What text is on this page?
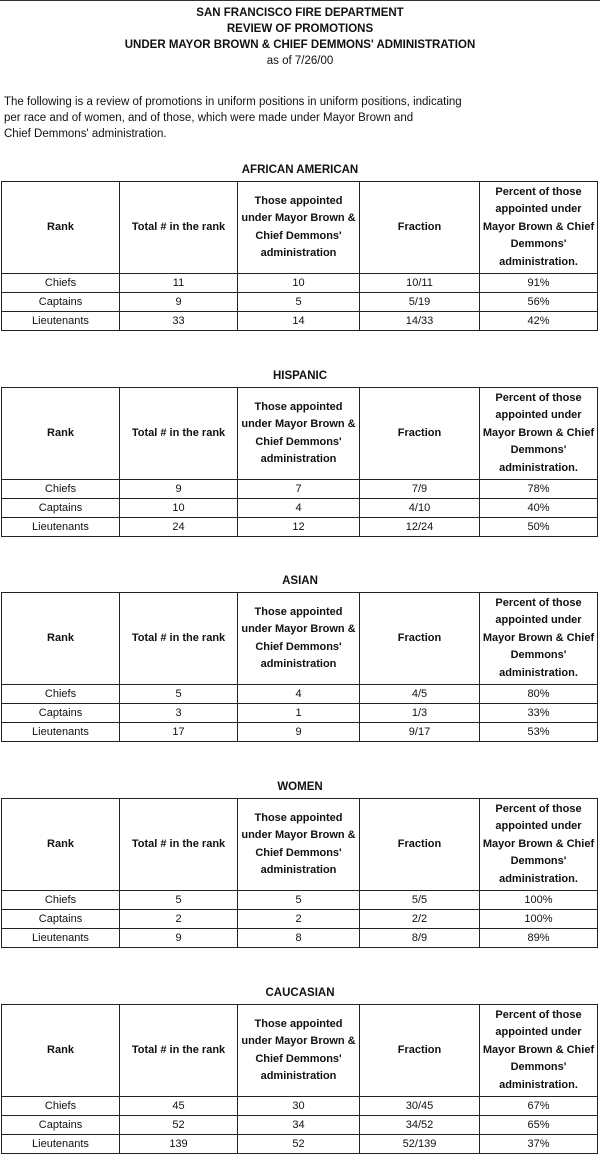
SAN FRANCISCO FIRE DEPARTMENT
REVIEW OF PROMOTIONS
UNDER MAYOR BROWN & CHIEF DEMMONS' ADMINISTRATION
as of 7/26/00
The following is a review of promotions in uniform positions in uniform positions, indicating
per race and of women, and of those, which were made under Mayor Brown and
Chief Demmons' administration.
AFRICAN AMERICAN
Rank	Total # in the rank	Those appointed under Mayor Brown & Chief Demmons' administration	Fraction	Percent of those appointed under Mayor Brown & Chief Demmons' administration.
Chiefs	11	10	10/11	91%
Captains	9	5	5/19	56%
Lieutenants	33	14	14/33	42%
HISPANIC
Rank	Total # in the rank	Those appointed under Mayor Brown & Chief Demmons' administration	Fraction	Percent of those appointed under Mayor Brown & Chief Demmons' administration.
Chiefs	9	7	7/9	78%
Captains	10	4	4/10	40%
Lieutenants	24	12	12/24	50%
ASIAN
Rank	Total # in the rank	Those appointed under Mayor Brown & Chief Demmons' administration	Fraction	Percent of those appointed under Mayor Brown & Chief Demmons' administration.
Chiefs	5	4	4/5	80%
Captains	3	1	1/3	33%
Lieutenants	17	9	9/17	53%
WOMEN
Rank	Total # in the rank	Those appointed under Mayor Brown & Chief Demmons' administration	Fraction	Percent of those appointed under Mayor Brown & Chief Demmons' administration.
Chiefs	5	5	5/5	100%
Captains	2	2	2/2	100%
Lieutenants	9	8	8/9	89%
CAUCASIAN
Rank	Total # in the rank	Those appointed under Mayor Brown & Chief Demmons' administration	Fraction	Percent of those appointed under Mayor Brown & Chief Demmons' administration.
Chiefs	45	30	30/45	67%
Captains	52	34	34/52	65%
Lieutenants	139	52	52/139	37%
